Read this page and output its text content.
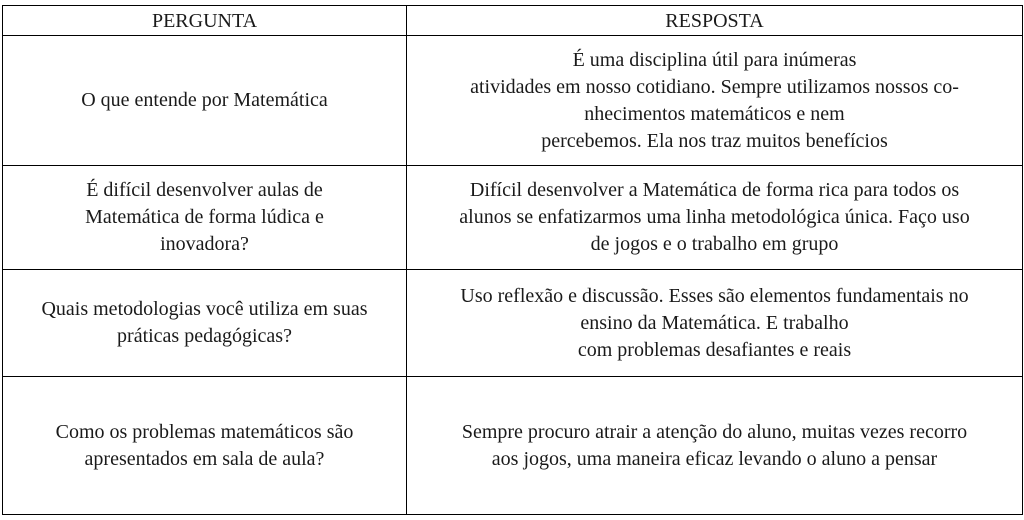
PERGUNTA	RESPOSTA

O que entende por Matemática	É uma disciplina útil para inúmeras
atividades em nosso cotidiano. Sempre utilizamos nossos co-
nhecimentos matemáticos e nem
percebemos. Ela nos traz muitos benefícios

É difícil desenvolver aulas de
Matemática de forma lúdica e
inovadora?	Difícil desenvolver a Matemática de forma rica para todos os
alunos se enfatizarmos uma linha metodológica única. Faço uso
de jogos e o trabalho em grupo

Quais metodologias você utiliza em suas
práticas pedagógicas?	Uso reflexão e discussão. Esses são elementos fundamentais no
ensino da Matemática. E trabalho
com problemas desafiantes e reais

Como os problemas matemáticos são
apresentados em sala de aula?	Sempre procuro atrair a atenção do aluno, muitas vezes recorro
aos jogos, uma maneira eficaz levando o aluno a pensar
